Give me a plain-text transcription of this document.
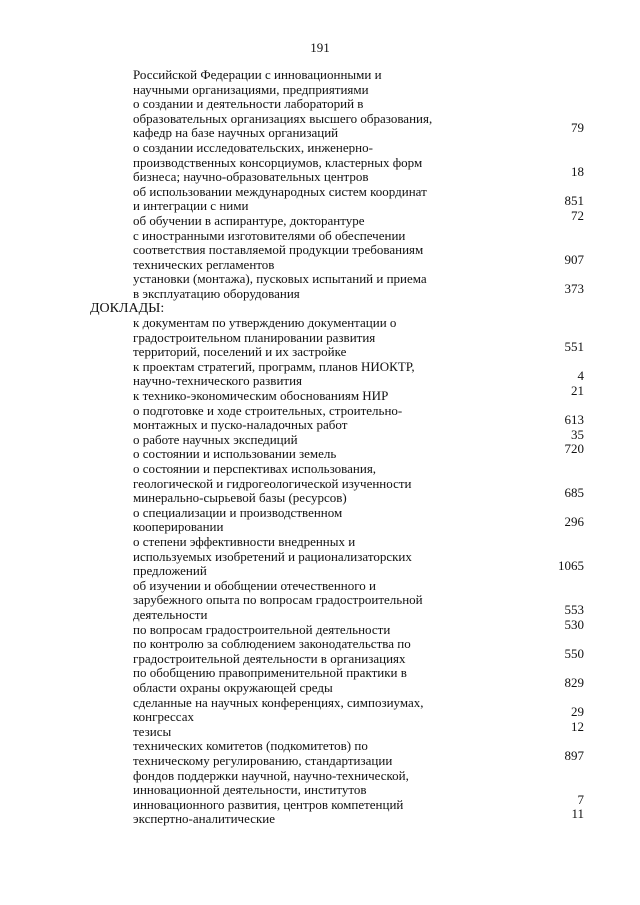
191
Российской Федерации с инновационными и
научными организациями, предприятиями
о создании и деятельности лабораторий в
образовательных организациях высшего образования,
кафедр на базе научных организаций	79
о создании исследовательских, инженерно-
производственных консорциумов, кластерных форм
бизнеса; научно-образовательных центров	18
об использовании международных систем координат
и интеграции с ними	851
об обучении в аспирантуре, докторантуре	72
с иностранными изготовителями об обеспечении
соответствия поставляемой продукции требованиям
технических регламентов	907
установки (монтажа), пусковых испытаний и приема
в эксплуатацию оборудования	373
ДОКЛАДЫ:
к документам по утверждению документации о
градостроительном планировании развития
территорий, поселений и их застройке	551
к проектам стратегий, программ, планов НИОКТР,
научно-технического развития	4
к технико-экономическим обоснованиям НИР	21
о подготовке и ходе строительных, строительно-
монтажных и пуско-наладочных работ	613
о работе научных экспедиций	35
о состоянии и использовании земель	720
о состоянии и перспективах использования,
геологической и гидрогеологической изученности
минерально-сырьевой базы (ресурсов)	685
о специализации и производственном
кооперировании	296
о степени эффективности внедренных и
используемых изобретений и рационализаторских
предложений	1065
об изучении и обобщении отечественного и
зарубежного опыта по вопросам градостроительной
деятельности	553
по вопросам градостроительной деятельности	530
по контролю за соблюдением законодательства по
градостроительной деятельности в организациях	550
по обобщению правоприменительной практики в
области охраны окружающей среды	829
сделанные на научных конференциях, симпозиумах,
конгрессах	29
тезисы	12
технических комитетов (подкомитетов) по
техническому регулированию, стандартизации	897
фондов поддержки научной, научно-технической,
инновационной деятельности, институтов
инновационного развития, центров компетенций	7
экспертно-аналитические	11
